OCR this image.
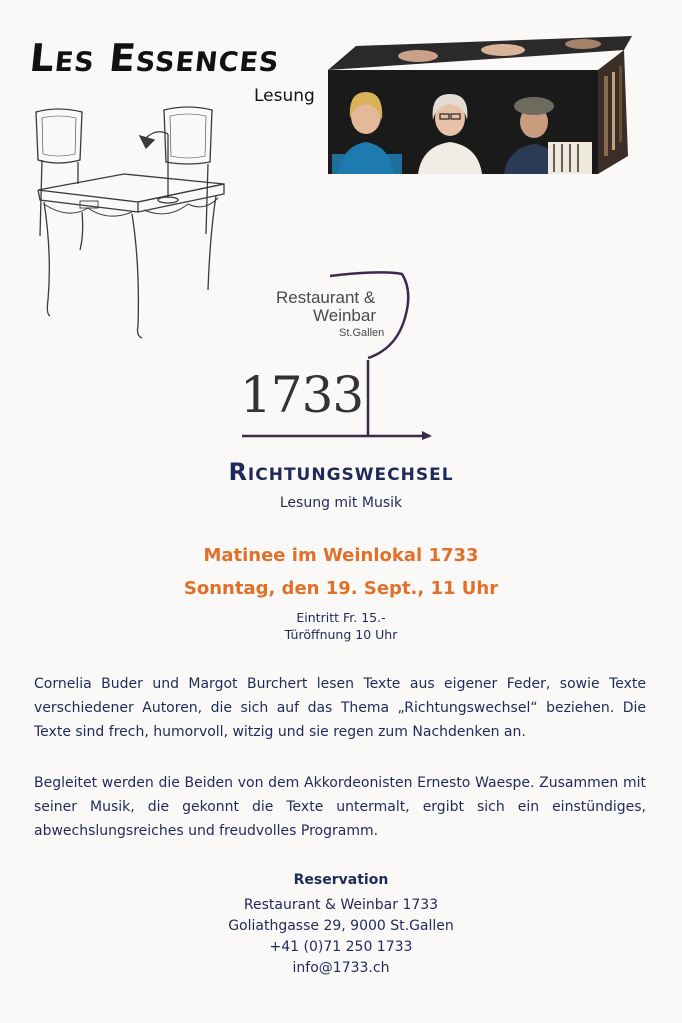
Les Essences
Lesung
Restaurant &
Weinbar
St.Gallen
1733
Richtungswechsel
Lesung mit Musik
Matinee im Weinlokal 1733
Sonntag, den 19. Sept., 11 Uhr
Eintritt Fr. 15.-
Türöffnung 10 Uhr
Cornelia Buder und Margot Burchert lesen Texte aus eigener Feder, sowie Texte verschiedener Autoren, die sich auf das Thema „Richtungswechsel“ beziehen. Die Texte sind frech, humorvoll, witzig und sie regen zum Nachdenken an.
Begleitet werden die Beiden von dem Akkordeonisten Ernesto Waespe. Zusammen mit seiner Musik, die gekonnt die Texte untermalt, ergibt sich ein einstündiges, abwechslungsreiches und freudvolles Programm.
Reservation
Restaurant & Weinbar 1733
Goliathgasse 29, 9000 St.Gallen
+41 (0)71 250 1733
info@1733.ch
